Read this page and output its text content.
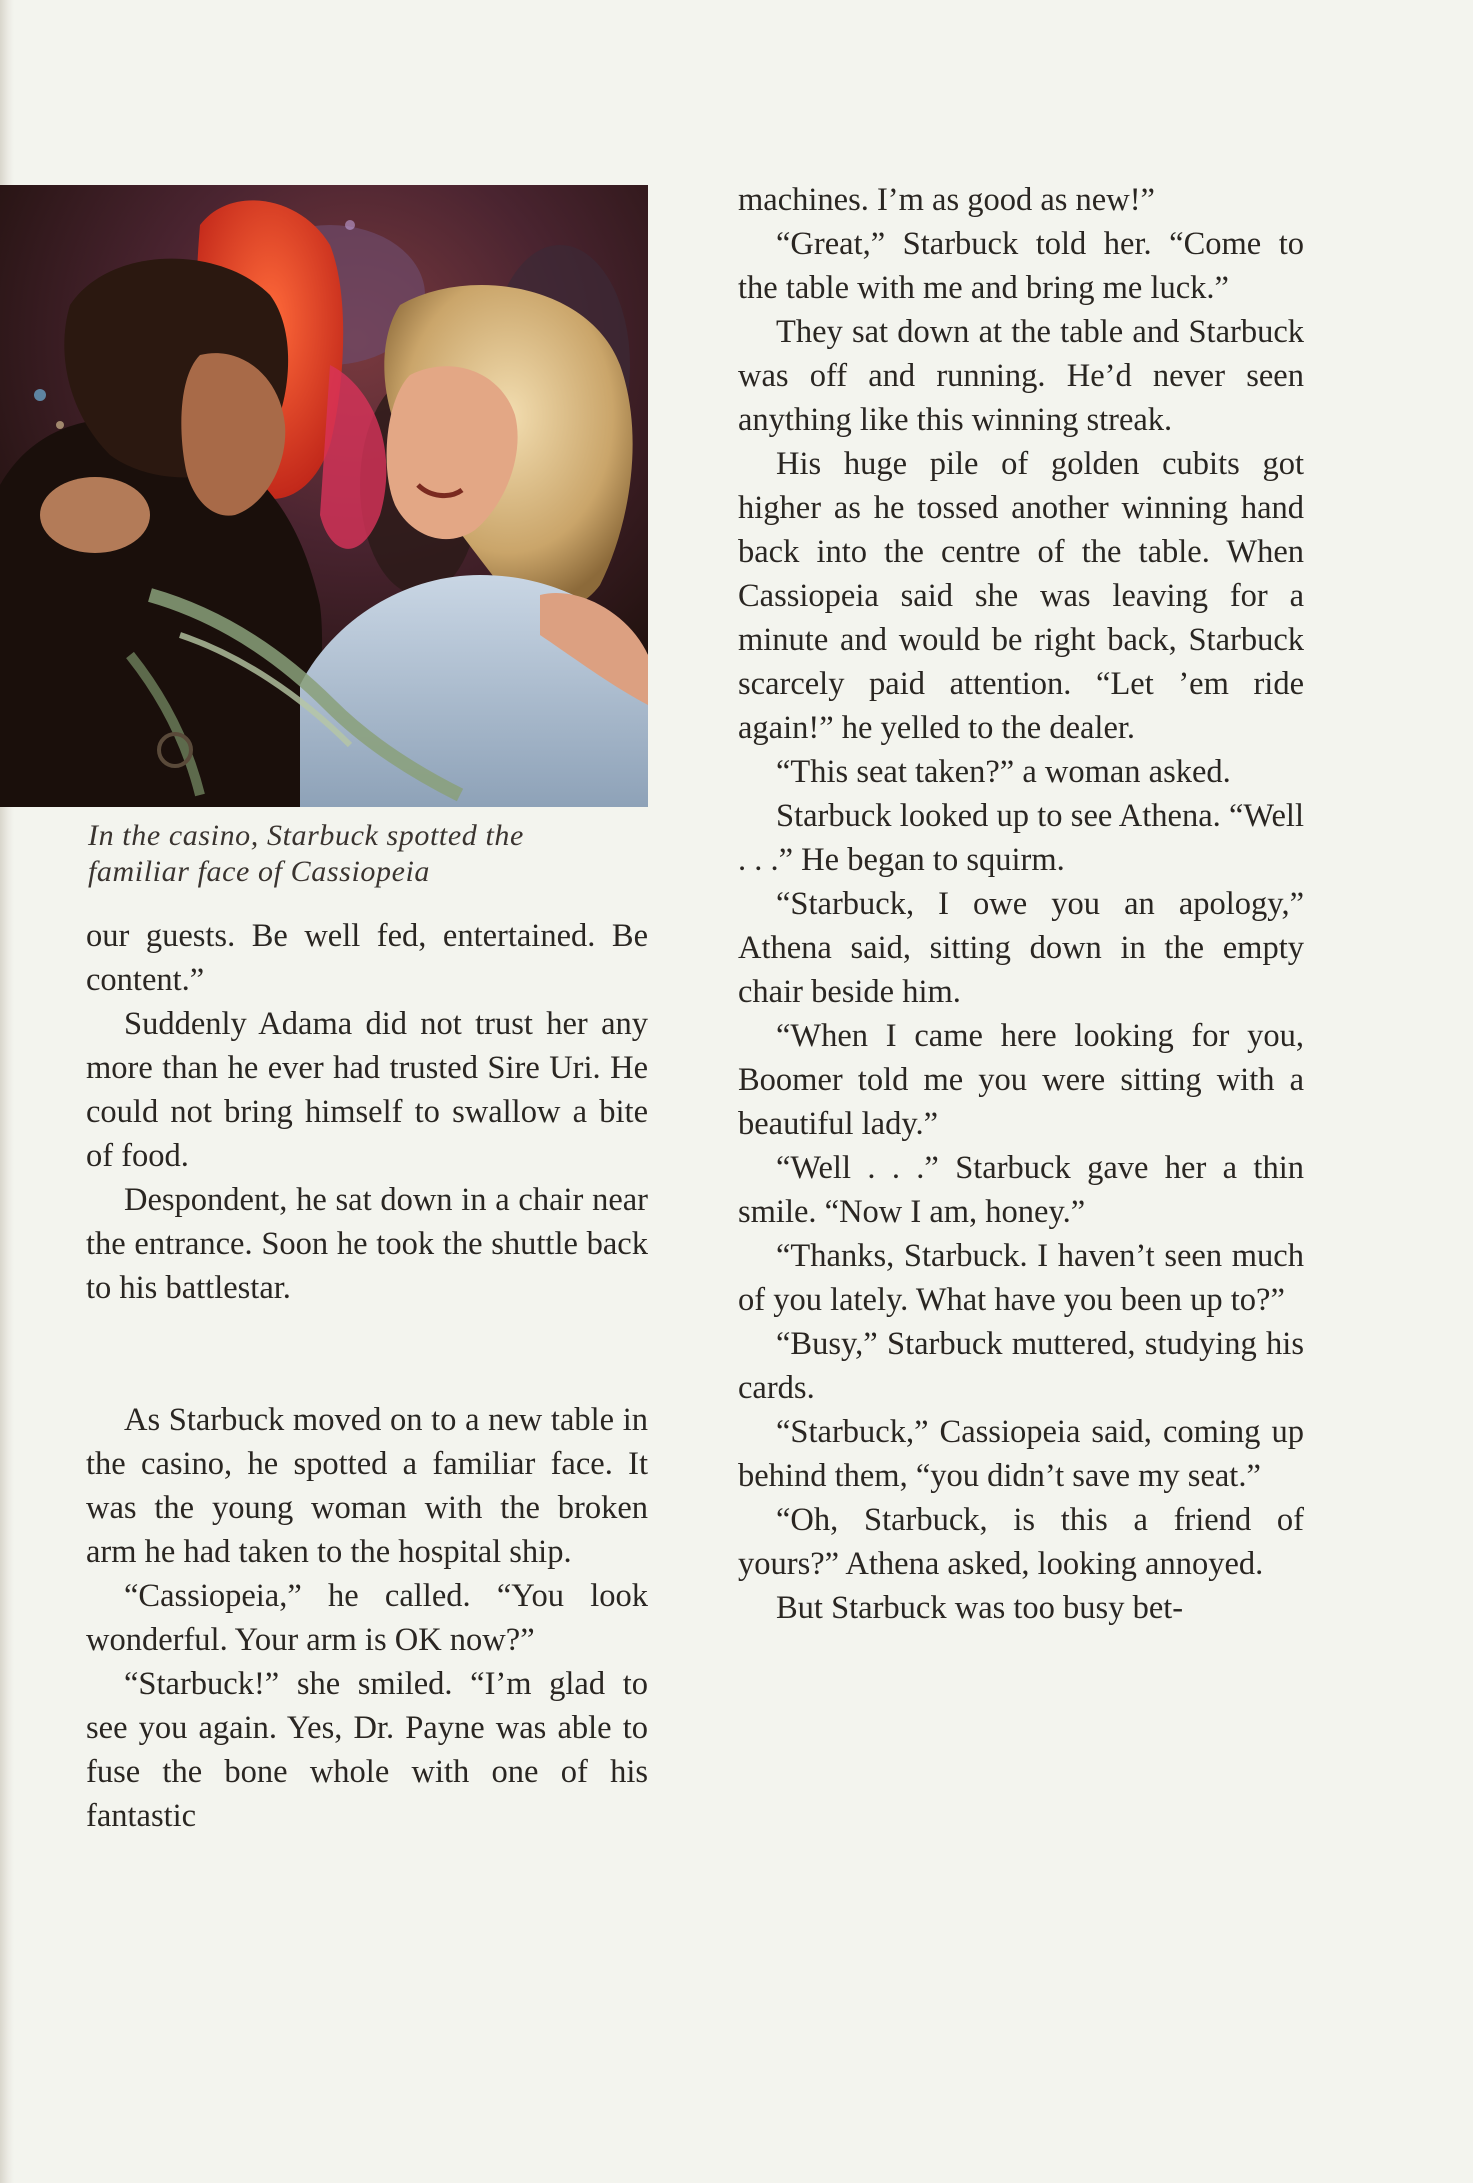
In the casino, Starbuck spotted the
familiar face of Cassiopeia

our guests. Be well fed, entertained. Be content.”

Suddenly Adama did not trust her any more than he ever had trusted Sire Uri. He could not bring himself to swallow a bite of food.

Despondent, he sat down in a chair near the entrance. Soon he took the shuttle back to his battlestar.

As Starbuck moved on to a new table in the casino, he spotted a familiar face. It was the young woman with the broken arm he had taken to the hospital ship.

“Cassiopeia,” he called. “You look wonderful. Your arm is OK now?”

“Starbuck!” she smiled. “I’m glad to see you again. Yes, Dr. Payne was able to fuse the bone whole with one of his fantastic

machines. I’m as good as new!”

“Great,” Starbuck told her. “Come to the table with me and bring me luck.”

They sat down at the table and Starbuck was off and running. He’d never seen anything like this winning streak.

His huge pile of golden cubits got higher as he tossed another winning hand back into the centre of the table. When Cassiopeia said she was leaving for a minute and would be right back, Starbuck scarcely paid attention. “Let ’em ride again!” he yelled to the dealer.

“This seat taken?” a woman asked.

Starbuck looked up to see Athena. “Well . . .” He began to squirm.

“Starbuck, I owe you an apology,” Athena said, sitting down in the empty chair beside him.

“When I came here looking for you, Boomer told me you were sitting with a beautiful lady.”

“Well . . .” Starbuck gave her a thin smile. “Now I am, honey.”

“Thanks, Starbuck. I haven’t seen much of you lately. What have you been up to?”

“Busy,” Starbuck muttered, studying his cards.

“Starbuck,” Cassiopeia said, coming up behind them, “you didn’t save my seat.”

“Oh, Starbuck, is this a friend of yours?” Athena asked, looking annoyed.

But Starbuck was too busy bet-
